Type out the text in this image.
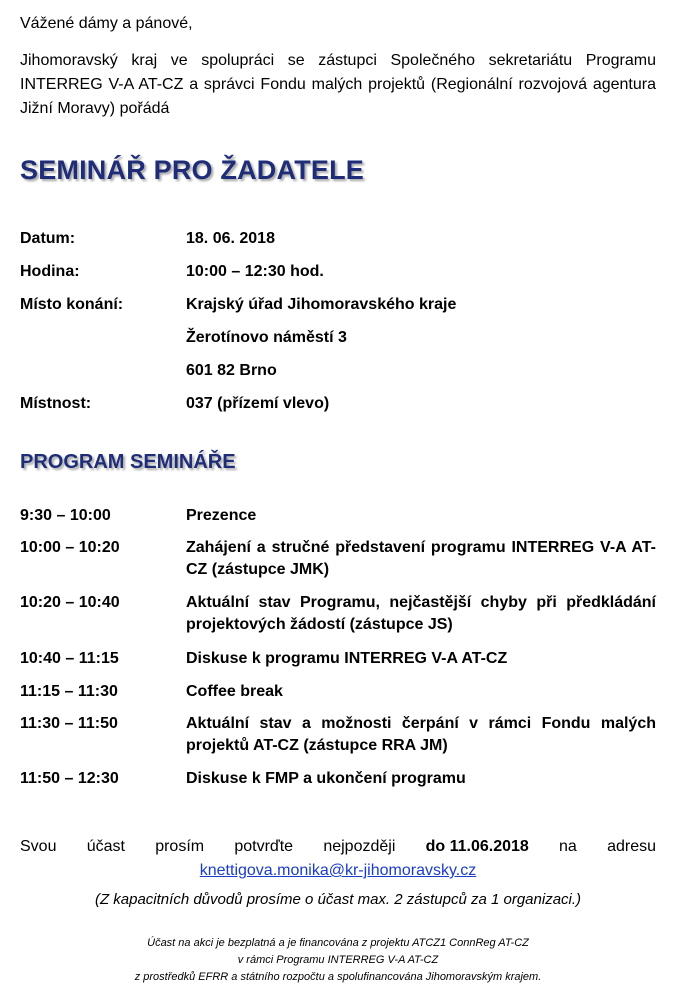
Vážené dámy a pánové,
Jihomoravský kraj ve spolupráci se zástupci Společného sekretariátu Programu INTERREG V-A AT-CZ a správci Fondu malých projektů (Regionální rozvojová agentura Jižní Moravy) pořádá
SEMINÁŘ PRO ŽADATELE
Datum:	18. 06. 2018
Hodina:	10:00 – 12:30 hod.
Místo konání:	Krajský úřad Jihomoravského kraje
Žerotínovo náměstí 3
601 82 Brno
Místnost:	037 (přízemí vlevo)
PROGRAM SEMINÁŘE
9:30 – 10:00	Prezence
10:00 – 10:20	Zahájení a stručné představení programu INTERREG V-A AT-CZ (zástupce JMK)
10:20 – 10:40	Aktuální stav Programu, nejčastější chyby při předkládání projektových žádostí (zástupce JS)
10:40 – 11:15	Diskuse k programu INTERREG V-A AT-CZ
11:15 – 11:30	Coffee break
11:30 – 11:50	Aktuální stav a možnosti čerpání v rámci Fondu malých projektů AT-CZ (zástupce RRA JM)
11:50 – 12:30	Diskuse k FMP a ukončení programu
Svou účast prosím potvrďte nejpozději do 11.06.2018 na adresu
knettigova.monika@kr-jihomoravsky.cz
(Z kapacitních důvodů prosíme o účast max. 2 zástupců za 1 organizaci.)
Účast na akci je bezplatná a je financována z projektu ATCZ1 ConnReg AT-CZ
v rámci Programu INTERREG V-A AT-CZ
z prostředků EFRR a státního rozpočtu a spolufinancována Jihomoravským krajem.
